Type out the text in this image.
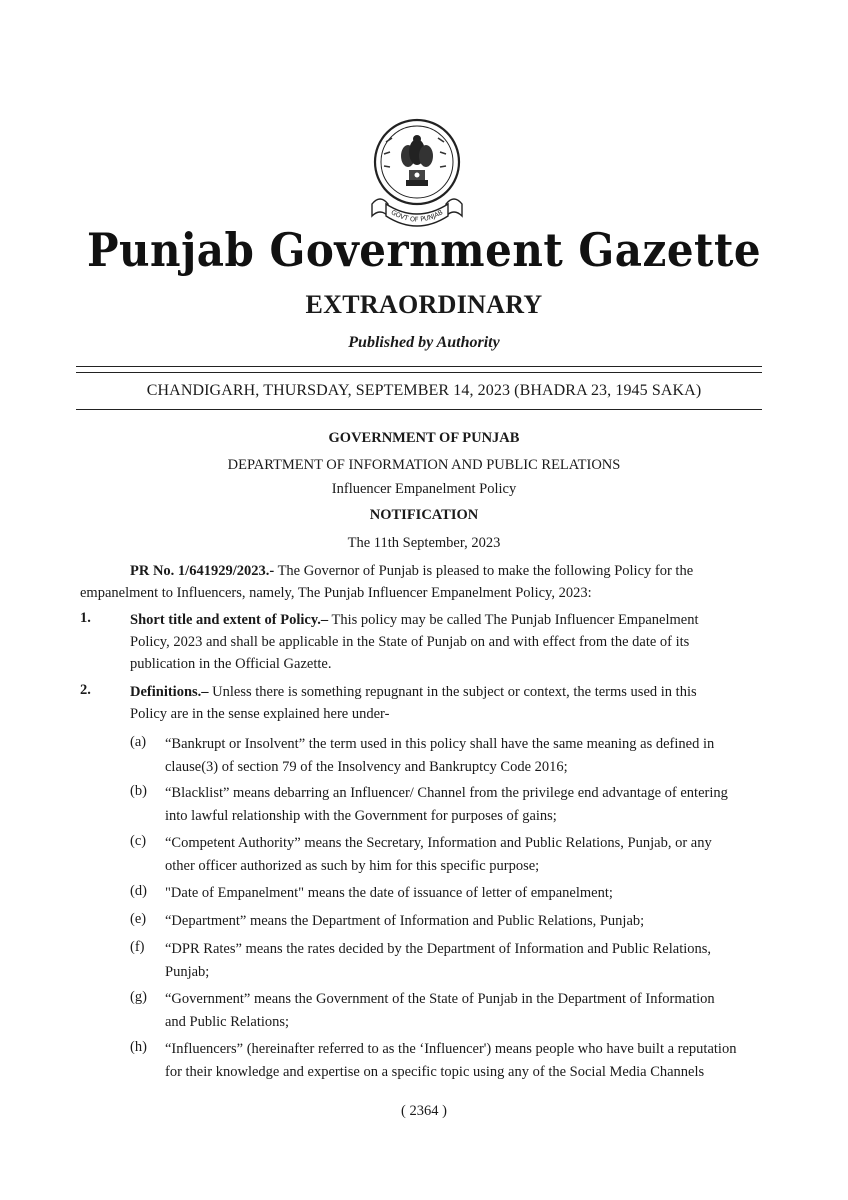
GOVT OF PUNJAB
Punjab Government Gazette
EXTRAORDINARY
Published by Authority
CHANDIGARH, THURSDAY, SEPTEMBER 14, 2023 (BHADRA 23, 1945 SAKA)
GOVERNMENT OF PUNJAB
DEPARTMENT OF INFORMATION AND PUBLIC RELATIONS
Influencer Empanelment Policy
NOTIFICATION
The 11th September, 2023
PR No. 1/641929/2023.- The Governor of Punjab is pleased to make the following Policy for the
empanelment to Influencers, namely, The Punjab Influencer Empanelment Policy, 2023:
1.	Short title and extent of Policy.– This policy may be called The Punjab Influencer Empanelment
Policy, 2023 and shall be applicable in the State of Punjab on and with effect from the date of its
publication in the Official Gazette.
2.	Definitions.– Unless there is something repugnant in the subject or context, the terms used in this
Policy are in the sense explained here under-
(a) “Bankrupt or Insolvent” the term used in this policy shall have the same meaning as defined in
clause(3) of section 79 of the Insolvency and Bankruptcy Code 2016;
(b) “Blacklist” means debarring an Influencer/ Channel from the privilege end advantage of entering
into lawful relationship with the Government for purposes of gains;
(c) “Competent Authority” means the Secretary, Information and Public Relations, Punjab, or any
other officer authorized as such by him for this specific purpose;
(d) "Date of Empanelment" means the date of issuance of letter of empanelment;
(e) “Department” means the Department of Information and Public Relations, Punjab;
(f) “DPR Rates” means the rates decided by the Department of Information and Public Relations,
Punjab;
(g) “Government” means the Government of the State of Punjab in the Department of Information
and Public Relations;
(h) “Influencers” (hereinafter referred to as the ‘Influencer') means people who have built a reputation
for their knowledge and expertise on a specific topic using any of the Social Media Channels
( 2364 )
